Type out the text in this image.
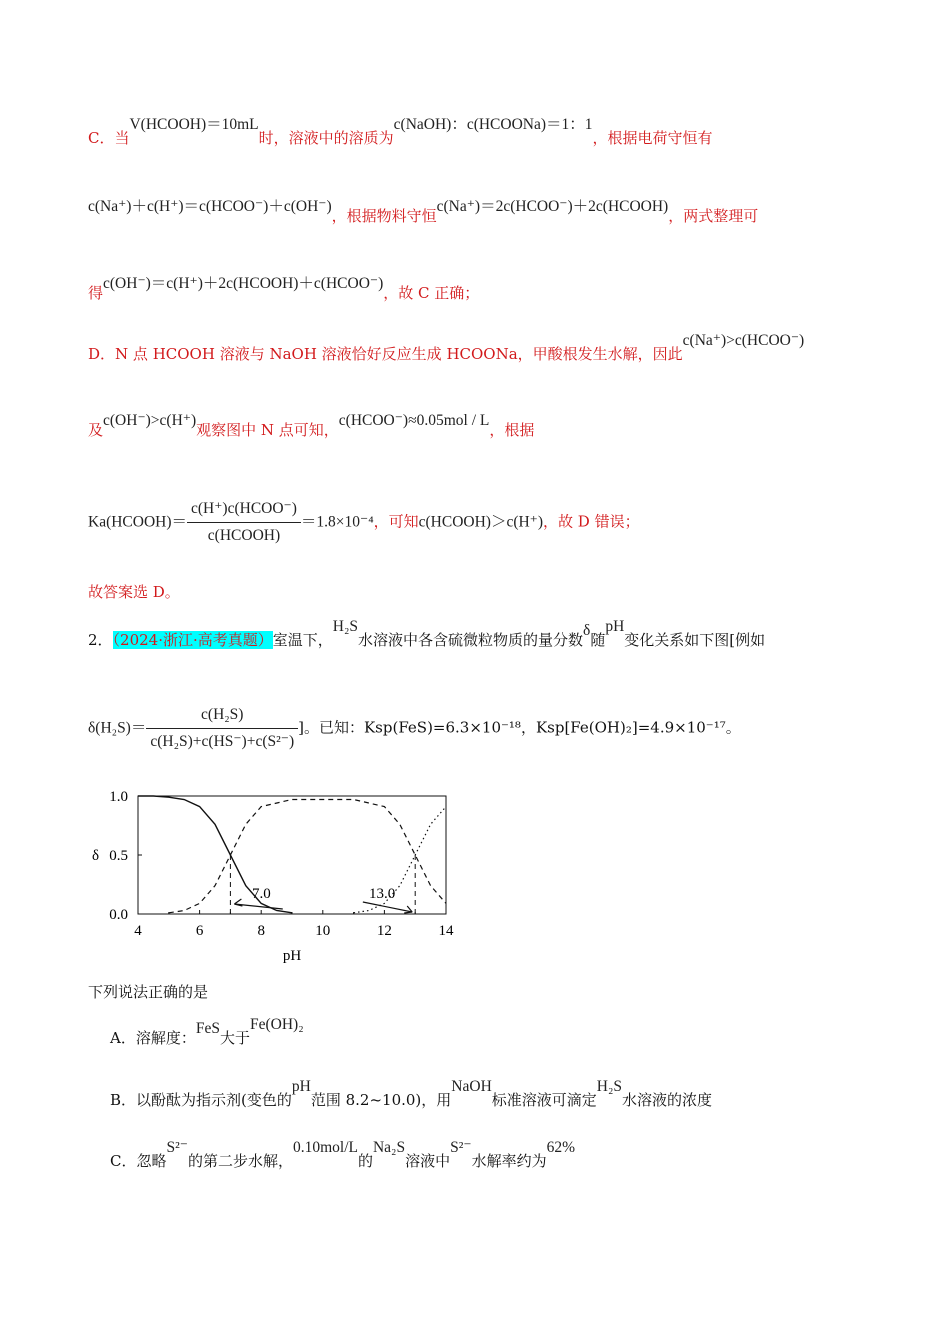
C．当V(HCOOH)＝10mL时，溶液中的溶质为c(NaOH)：c(HCOONa)＝1：1，根据电荷守恒有
c(Na⁺)＋c(H⁺)＝c(HCOO⁻)＋c(OH⁻)，根据物料守恒c(Na⁺)＝2c(HCOO⁻)＋2c(HCOOH)，两式整理可
得c(OH⁻)＝c(H⁺)＋2c(HCOOH)＋c(HCOO⁻)，故 C 正确；
D．N 点 HCOOH 溶液与 NaOH 溶液恰好反应生成 HCOONa，甲酸根发生水解，因此c(Na⁺)>c(HCOO⁻)
及c(OH⁻)>c(H⁺)观察图中 N 点可知，c(HCOO⁻)≈0.05mol / L，根据
Ka(HCOOH)＝ $\frac{\text{c(H⁺)c(HCOO⁻)}}{\text{c(HCOOH)}} =1.8\times 10^{-4}$，可知c(HCOOH)＞c(H⁺)，故 D 错误；
故答案选 D。
2．（2024·浙江·高考真题）室温下，H₂S水溶液中各含硫微粒物质的量分数δ随pH变化关系如下图[例如
$\delta(H_2S)= \frac{\text{c(H₂S)}}{\text{c(H₂S)+c(HS⁻)+c(S²⁻)}}$ ]。已知：Ksp(FeS)=6.3×10⁻¹⁸，Ksp[Fe(OH)₂]=4.9×10⁻¹⁷。
4	6	8	10	12	14
0.0
0.5
1.0
pH
δ
7.0	13.0
下列说法正确的是
A．溶解度：FeS大于Fe(OH)₂
B．以酚酞为指示剂(变色的pH范围 8.2~10.0)，用NaOH标准溶液可滴定H₂S水溶液的浓度
C．忽略S²⁻的第二步水解，0.10mol/L的Na₂S溶液中S²⁻水解率约为62%
